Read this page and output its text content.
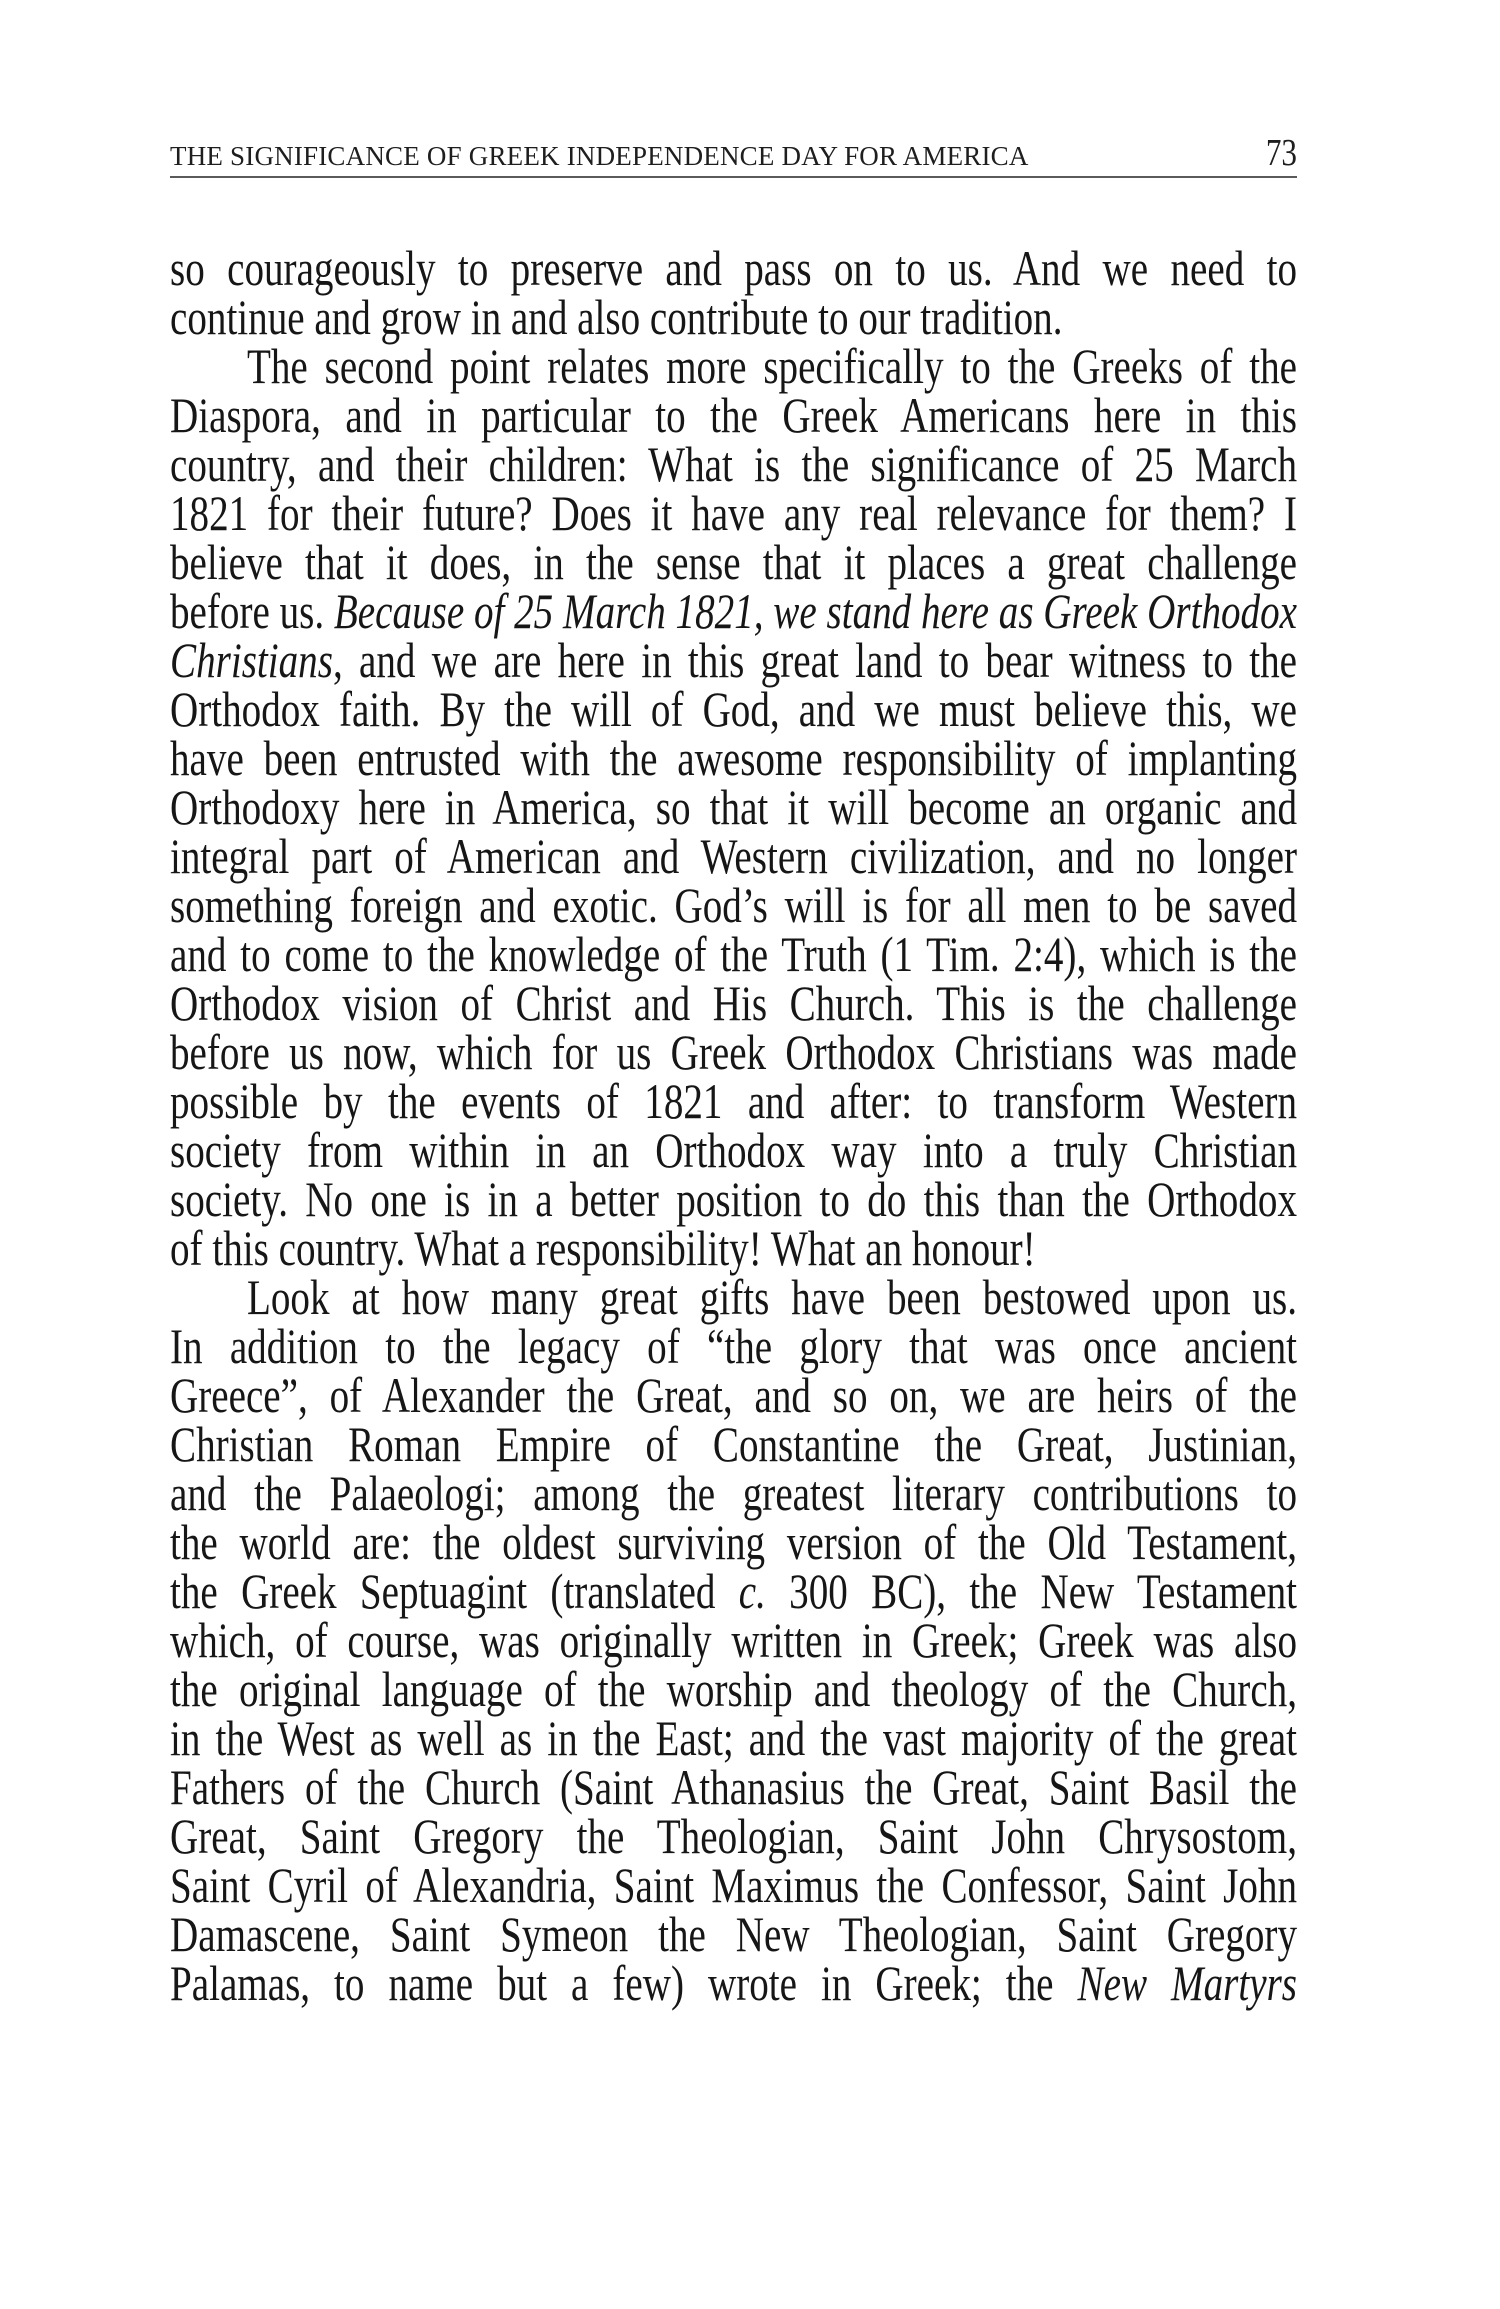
THE SIGNIFICANCE OF GREEK INDEPENDENCE DAY FOR AMERICA	73
so courageously to preserve and pass on to us. And we need to
continue and grow in and also contribute to our tradition.
The second point relates more specifically to the Greeks of the
Diaspora, and in particular to the Greek Americans here in this
country, and their children: What is the significance of 25 March
1821 for their future? Does it have any real relevance for them? I
believe that it does, in the sense that it places a great challenge
before us. Because of 25 March 1821, we stand here as Greek Orthodox
Christians, and we are here in this great land to bear witness to the
Orthodox faith. By the will of God, and we must believe this, we
have been entrusted with the awesome responsibility of implanting
Orthodoxy here in America, so that it will become an organic and
integral part of American and Western civilization, and no longer
something foreign and exotic. God’s will is for all men to be saved
and to come to the knowledge of the Truth (1 Tim. 2:4), which is the
Orthodox vision of Christ and His Church. This is the challenge
before us now, which for us Greek Orthodox Christians was made
possible by the events of 1821 and after: to transform Western
society from within in an Orthodox way into a truly Christian
society. No one is in a better position to do this than the Orthodox
of this country. What a responsibility! What an honour!
Look at how many great gifts have been bestowed upon us.
In addition to the legacy of “the glory that was once ancient
Greece”, of Alexander the Great, and so on, we are heirs of the
Christian Roman Empire of Constantine the Great, Justinian,
and the Palaeologi; among the greatest literary contributions to
the world are: the oldest surviving version of the Old Testament,
the Greek Septuagint (translated c. 300 BC), the New Testament
which, of course, was originally written in Greek; Greek was also
the original language of the worship and theology of the Church,
in the West as well as in the East; and the vast majority of the great
Fathers of the Church (Saint Athanasius the Great, Saint Basil the
Great, Saint Gregory the Theologian, Saint John Chrysostom,
Saint Cyril of Alexandria, Saint Maximus the Confessor, Saint John
Damascene, Saint Symeon the New Theologian, Saint Gregory
Palamas, to name but a few) wrote in Greek; the New Martyrs
